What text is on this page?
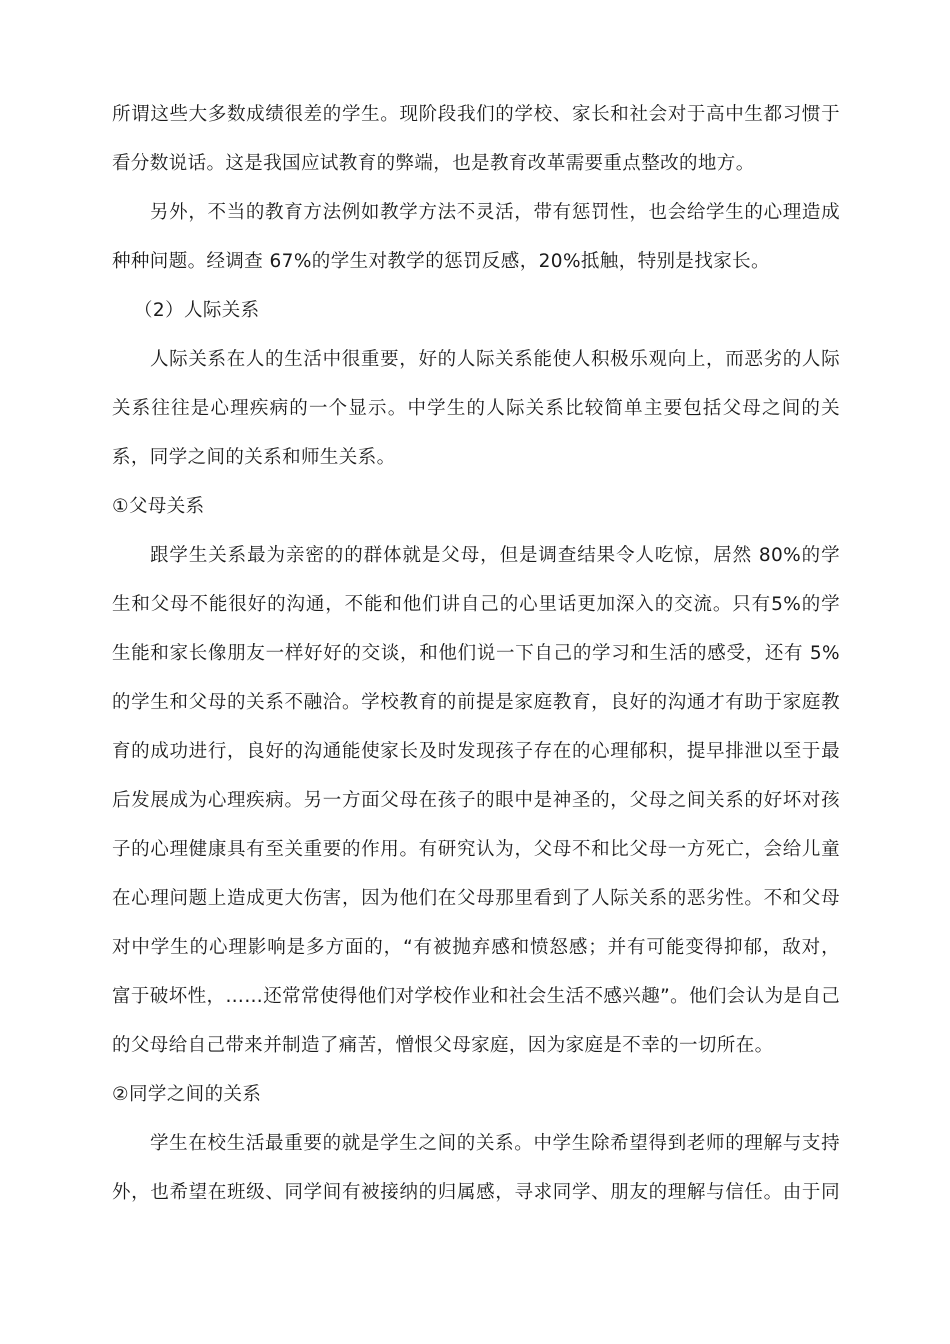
所谓这些大多数成绩很差的学生。现阶段我们的学校、家长和社会对于高中生都习惯于
看分数说话。这是我国应试教育的弊端，也是教育改革需要重点整改的地方。
另外，不当的教育方法例如教学方法不灵活，带有惩罚性，也会给学生的心理造成
种种问题。经调查 67%的学生对教学的惩罚反感，20%抵触，特别是找家长。
（2）人际关系
人际关系在人的生活中很重要，好的人际关系能使人积极乐观向上，而恶劣的人际
关系往往是心理疾病的一个显示。中学生的人际关系比较简单主要包括父母之间的关
系，同学之间的关系和师生关系。
①父母关系
跟学生关系最为亲密的的群体就是父母，但是调查结果令人吃惊，居然 80%的学
生和父母不能很好的沟通，不能和他们讲自己的心里话更加深入的交流。只有5%的学
生能和家长像朋友一样好好的交谈，和他们说一下自己的学习和生活的感受，还有 5%
的学生和父母的关系不融洽。学校教育的前提是家庭教育，良好的沟通才有助于家庭教
育的成功进行，良好的沟通能使家长及时发现孩子存在的心理郁积，提早排泄以至于最
后发展成为心理疾病。另一方面父母在孩子的眼中是神圣的，父母之间关系的好坏对孩
子的心理健康具有至关重要的作用。有研究认为，父母不和比父母一方死亡，会给儿童
在心理问题上造成更大伤害，因为他们在父母那里看到了人际关系的恶劣性。不和父母
对中学生的心理影响是多方面的，“有被抛弃感和愤怒感；并有可能变得抑郁，敌对，
富于破坏性，……还常常使得他们对学校作业和社会生活不感兴趣”。他们会认为是自己
的父母给自己带来并制造了痛苦，憎恨父母家庭，因为家庭是不幸的一切所在。
②同学之间的关系
学生在校生活最重要的就是学生之间的关系。中学生除希望得到老师的理解与支持
外，也希望在班级、同学间有被接纳的归属感，寻求同学、朋友的理解与信任。由于同
